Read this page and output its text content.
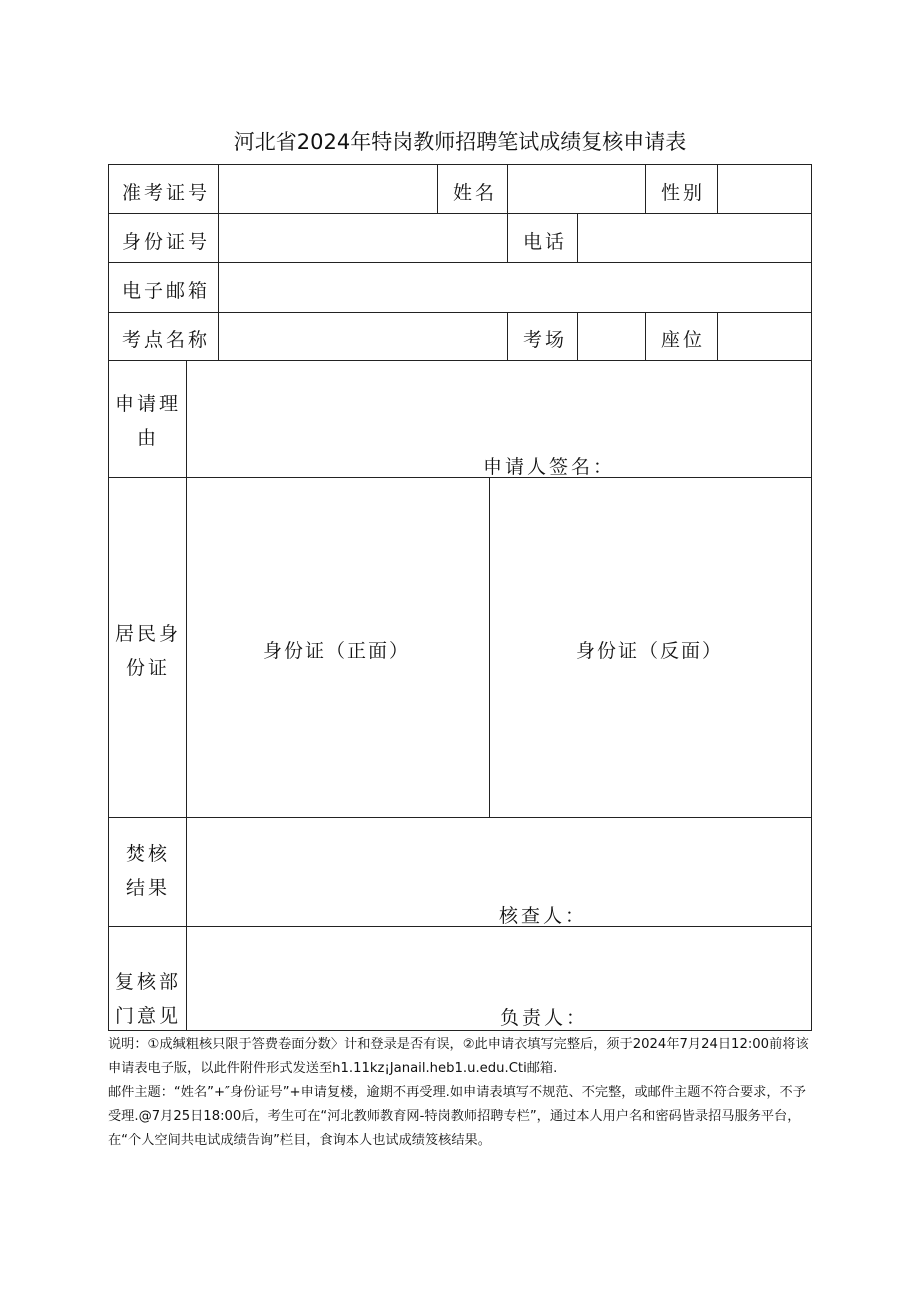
河北省2024年特岗教师招聘笔试成绩复核申请表
准考证号	姓名	性别
身份证号	电话
电子邮箱
考点名称	考场	座位
申请理
由
申请人签名：
居民身
份证
身份证（正面）	身份证（反面）
焚核
结果
核查人：
复核部
门意见	负责人：

说明：①成缄粗核只限于答费卷面分数〉计和登录是否有误，②此申请衣填写完整后，须于2024年7月24日12:00前将该申请表电子版，以此件附件形式发送至h1.11kz¡Janail.heb1.u.edu.Cti邮箱.

邮件主题：“姓名”+″身份证号”+申请复楼，逾期不再受理.如申请表填写不规范、不完整，或邮件主题不符合要求，不予受理.@7月25日18:00后，考生可在“河北教师教育网-特岗教师招聘专栏”，通过本人用户名和密码皆录招马服务平台，在“个人空间共电试成绩告询”栏目，食询本人也试成绩笈核结果。
